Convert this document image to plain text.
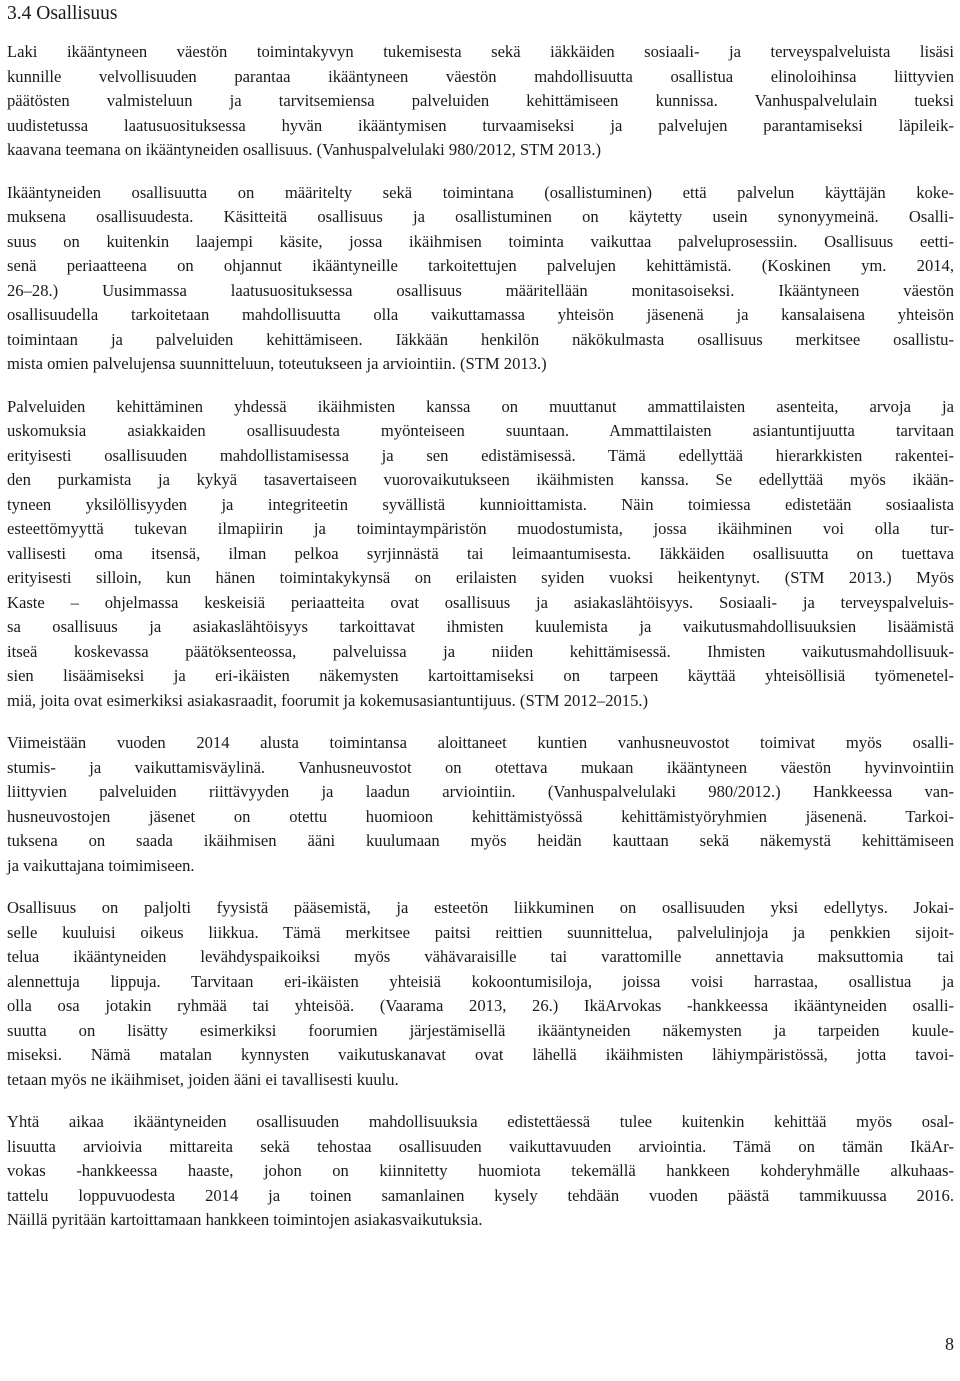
3.4 Osallisuus
Laki ikääntyneen väestön toimintakyvyn tukemisesta sekä iäkkäiden sosiaali- ja terveyspalveluista lisäsi
kunnille velvollisuuden parantaa ikääntyneen väestön mahdollisuutta osallistua elinoloihinsa liittyvien
päätösten valmisteluun ja tarvitsemiensa palveluiden kehittämiseen kunnissa. Vanhuspalvelulain tueksi
uudistetussa laatusuosituksessa hyvän ikääntymisen turvaamiseksi ja palvelujen parantamiseksi läpileik-
kaavana teemana on ikääntyneiden osallisuus. (Vanhuspalvelulaki 980/2012, STM 2013.)
Ikääntyneiden osallisuutta on määritelty sekä toimintana (osallistuminen) että palvelun käyttäjän koke-
muksena osallisuudesta. Käsitteitä osallisuus ja osallistuminen on käytetty usein synonyymeinä. Osalli-
suus on kuitenkin laajempi käsite, jossa ikäihmisen toiminta vaikuttaa palveluprosessiin. Osallisuus eetti-
senä periaatteena on ohjannut ikääntyneille tarkoitettujen palvelujen kehittämistä. (Koskinen ym. 2014,
26–28.) Uusimmassa laatusuosituksessa osallisuus määritellään monitasoiseksi. Ikääntyneen väestön
osallisuudella tarkoitetaan mahdollisuutta olla vaikuttamassa yhteisön jäsenenä ja kansalaisena yhteisön
toimintaan ja palveluiden kehittämiseen. Iäkkään henkilön näkökulmasta osallisuus merkitsee osallistu-
mista omien palvelujensa suunnitteluun, toteutukseen ja arviointiin. (STM 2013.)
Palveluiden kehittäminen yhdessä ikäihmisten kanssa on muuttanut ammattilaisten asenteita, arvoja ja
uskomuksia asiakkaiden osallisuudesta myönteiseen suuntaan. Ammattilaisten asiantuntijuutta tarvitaan
erityisesti osallisuuden mahdollistamisessa ja sen edistämisessä. Tämä edellyttää hierarkkisten rakentei-
den purkamista ja kykyä tasavertaiseen vuorovaikutukseen ikäihmisten kanssa. Se edellyttää myös ikään-
tyneen yksilöllisyyden ja integriteetin syvällistä kunnioittamista. Näin toimiessa edistetään sosiaalista
esteettömyyttä tukevan ilmapiirin ja toimintaympäristön muodostumista, jossa ikäihminen voi olla tur-
vallisesti oma itsensä, ilman pelkoa syrjinnästä tai leimaantumisesta. Iäkkäiden osallisuutta on tuettava
erityisesti silloin, kun hänen toimintakykynsä on erilaisten syiden vuoksi heikentynyt. (STM 2013.) Myös
Kaste – ohjelmassa keskeisiä periaatteita ovat osallisuus ja asiakaslähtöisyys. Sosiaali- ja terveyspalveluis-
sa osallisuus ja asiakaslähtöisyys tarkoittavat ihmisten kuulemista ja vaikutusmahdollisuuksien lisäämistä
itseä koskevassa päätöksenteossa, palveluissa ja niiden kehittämisessä. Ihmisten vaikutusmahdollisuuk-
sien lisäämiseksi ja eri-ikäisten näkemysten kartoittamiseksi on tarpeen käyttää yhteisöllisiä työmenetel-
miä, joita ovat esimerkiksi asiakasraadit, foorumit ja kokemusasiantuntijuus. (STM 2012–2015.)
Viimeistään vuoden 2014 alusta toimintansa aloittaneet kuntien vanhusneuvostot toimivat myös osalli-
stumis- ja vaikuttamisväylinä. Vanhusneuvostot on otettava mukaan ikääntyneen väestön hyvinvointiin
liittyvien palveluiden riittävyyden ja laadun arviointiin. (Vanhuspalvelulaki 980/2012.) Hankkeessa van-
husneuvostojen jäsenet on otettu huomioon kehittämistyössä kehittämistyöryhmien jäsenenä. Tarkoi-
tuksena on saada ikäihmisen ääni kuulumaan myös heidän kauttaan sekä näkemystä kehittämiseen
ja vaikuttajana toimimiseen.
Osallisuus on paljolti fyysistä pääsemistä, ja esteetön liikkuminen on osallisuuden yksi edellytys. Jokai-
selle kuuluisi oikeus liikkua. Tämä merkitsee paitsi reittien suunnittelua, palvelulinjoja ja penkkien sijoit-
telua ikääntyneiden levähdyspaikoiksi myös vähävaraisille tai varattomille annettavia maksuttomia tai
alennettuja lippuja. Tarvitaan eri-ikäisten yhteisiä kokoontumisiloja, joissa voisi harrastaa, osallistua ja
olla osa jotakin ryhmää tai yhteisöä. (Vaarama 2013, 26.) IkäArvokas -hankkeessa ikääntyneiden osalli-
suutta on lisätty esimerkiksi foorumien järjestämisellä ikääntyneiden näkemysten ja tarpeiden kuule-
miseksi. Nämä matalan kynnysten vaikutuskanavat ovat lähellä ikäihmisten lähiympäristössä, jotta tavoi-
tetaan myös ne ikäihmiset, joiden ääni ei tavallisesti kuulu.
Yhtä aikaa ikääntyneiden osallisuuden mahdollisuuksia edistettäessä tulee kuitenkin kehittää myös osal-
lisuutta arvioivia mittareita sekä tehostaa osallisuuden vaikuttavuuden arviointia. Tämä on tämän IkäAr-
vokas -hankkeessa haaste, johon on kiinnitetty huomiota tekemällä hankkeen kohderyhmälle alkuhaas-
tattelu loppuvuodesta 2014 ja toinen samanlainen kysely tehdään vuoden päästä tammikuussa 2016.
Näillä pyritään kartoittamaan hankkeen toimintojen asiakasvaikutuksia.
8
